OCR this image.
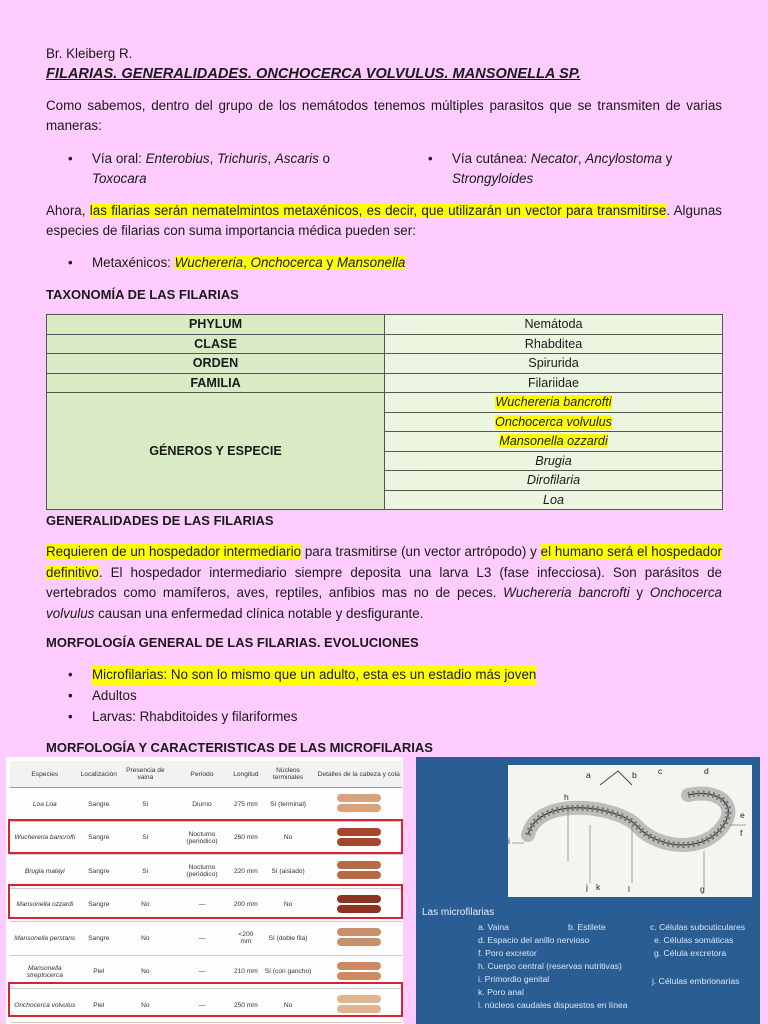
Br. Kleiberg R.
FILARIAS. GENERALIDADES. ONCHOCERCA VOLVULUS. MANSONELLA SP.
Como sabemos, dentro del grupo de los nemátodos tenemos múltiples parasitos que se transmiten de varias maneras:
• Vía oral: Enterobius, Trichuris, Ascaris o
Toxocara
• Vía cutánea: Necator, Ancylostoma y
Strongyloides
Ahora, las filarias serán nematelmintos metaxénicos, es decir, que utilizarán un vector para transmitirse. Algunas especies de filarias con suma importancia médica pueden ser:
• Metaxénicos: Wuchereria, Onchocerca y Mansonella
TAXONOMÍA DE LAS FILARIAS
PHYLUM	Nemátoda
CLASE	Rhabditea
ORDEN	Spirurida
FAMILIA	Filariidae
GÉNEROS Y ESPECIE	Wuchereria bancrofti
	Onchocerca volvulus
	Mansonella ozzardi
	Brugia
	Dirofilaria
	Loa
GENERALIDADES DE LAS FILARIAS
Requieren de un hospedador intermediario para trasmitirse (un vector artrópodo) y el humano será el hospedador definitivo. El hospedador intermediario siempre deposita una larva L3 (fase infecciosa). Son parásitos de vertebrados como mamíferos, aves, reptiles, anfibios mas no de peces. Wuchereria bancrofti y Onchocerca volvulus causan una enfermedad clínica notable y desfigurante.
MORFOLOGÍA GENERAL DE LAS FILARIAS. EVOLUCIONES
• Microfilarias: No son lo mismo que un adulto, esta es un estadio más joven
• Adultos
• Larvas: Rhabditoides y filariformes
MORFOLOGÍA Y CARACTERISTICAS DE LAS MICROFILARIAS
Especies	Localización	Presencia de vaina	Período	Longitud	Núcleos terminales	Detalles de la cabeza y cola
Loa Loa	Sangre	Sí	Diurno	275 mm	Sí (terminal)	
Wuchereria bancrofti	Sangre	Sí	Nocturno (periódico)	260 mm	No	
Brugia malayi	Sangre	Sí	Nocturno (periódico)	220 mm	Sí (aislado)	
Mansonella ozzardi	Sangre	No	—	200 mm	No	
Mansonella perstans	Sangre	No	—	<200 mm	Sí (doble fila)	
Mansonella streptocerca	Piel	No	—	210 mm	Sí (con gancho)	
Onchocerca volvulus	Piel	No	—	250 mm	No	
a	b c	d
h
i
e
f
j k	l	g
Las microfilarias
a. Vaina	b. Estilete	c. Células subcuticulares
d. Espacio del anillo nervioso	e. Células somáticas
f. Poro excretor	g. Célula excretora
h. Cuerpo central (reservas nutritivas)
i. Primordio genital	j. Células embrionarias
k. Poro anal
l. núcleos caudales dispuestos en línea
